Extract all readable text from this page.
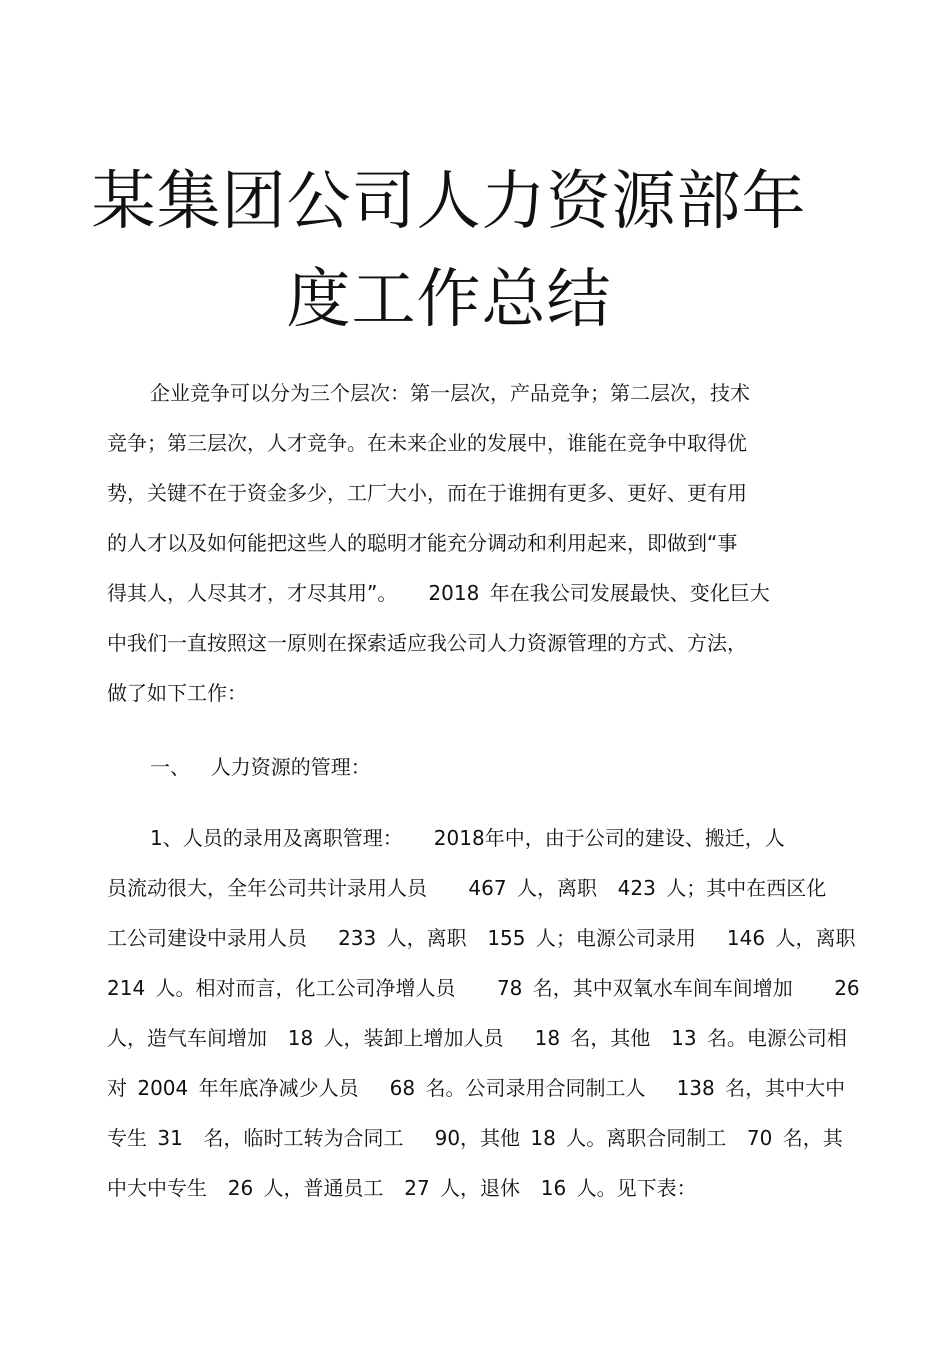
某集团公司人力资源部年
度工作总结
企业竞争可以分为三个层次：第一层次，产品竞争；第二层次，技术
竞争；第三层次，人才竞争。在未来企业的发展中，谁能在竞争中取得优
势，关键不在于资金多少，工厂大小，而在于谁拥有更多、更好、更有用
的人才以及如何能把这些人的聪明才能充分调动和利用起来，即做到“事
得其人，人尽其才，才尽其用”。   2018 年在我公司发展最快、变化巨大
中我们一直按照这一原则在探索适应我公司人力资源管理的方式、方法，
做了如下工作：
一、  人力资源的管理：
1、人员的录用及离职管理：   2018年中，由于公司的建设、搬迁，人
员流动很大，全年公司共计录用人员    467 人，离职  423 人；其中在西区化
工公司建设中录用人员   233 人，离职  155 人；电源公司录用   146 人，离职
214 人。相对而言，化工公司净增人员    78 名，其中双氧水车间车间增加    26
人，造气车间增加  18 人，装卸上增加人员   18 名，其他  13 名。电源公司相
对 2004 年年底净减少人员   68 名。公司录用合同制工人   138 名，其中大中
专生 31  名，临时工转为合同工   90，其他 18 人。离职合同制工  70 名，其
中大中专生  26 人，普通员工  27 人，退休  16 人。见下表：
